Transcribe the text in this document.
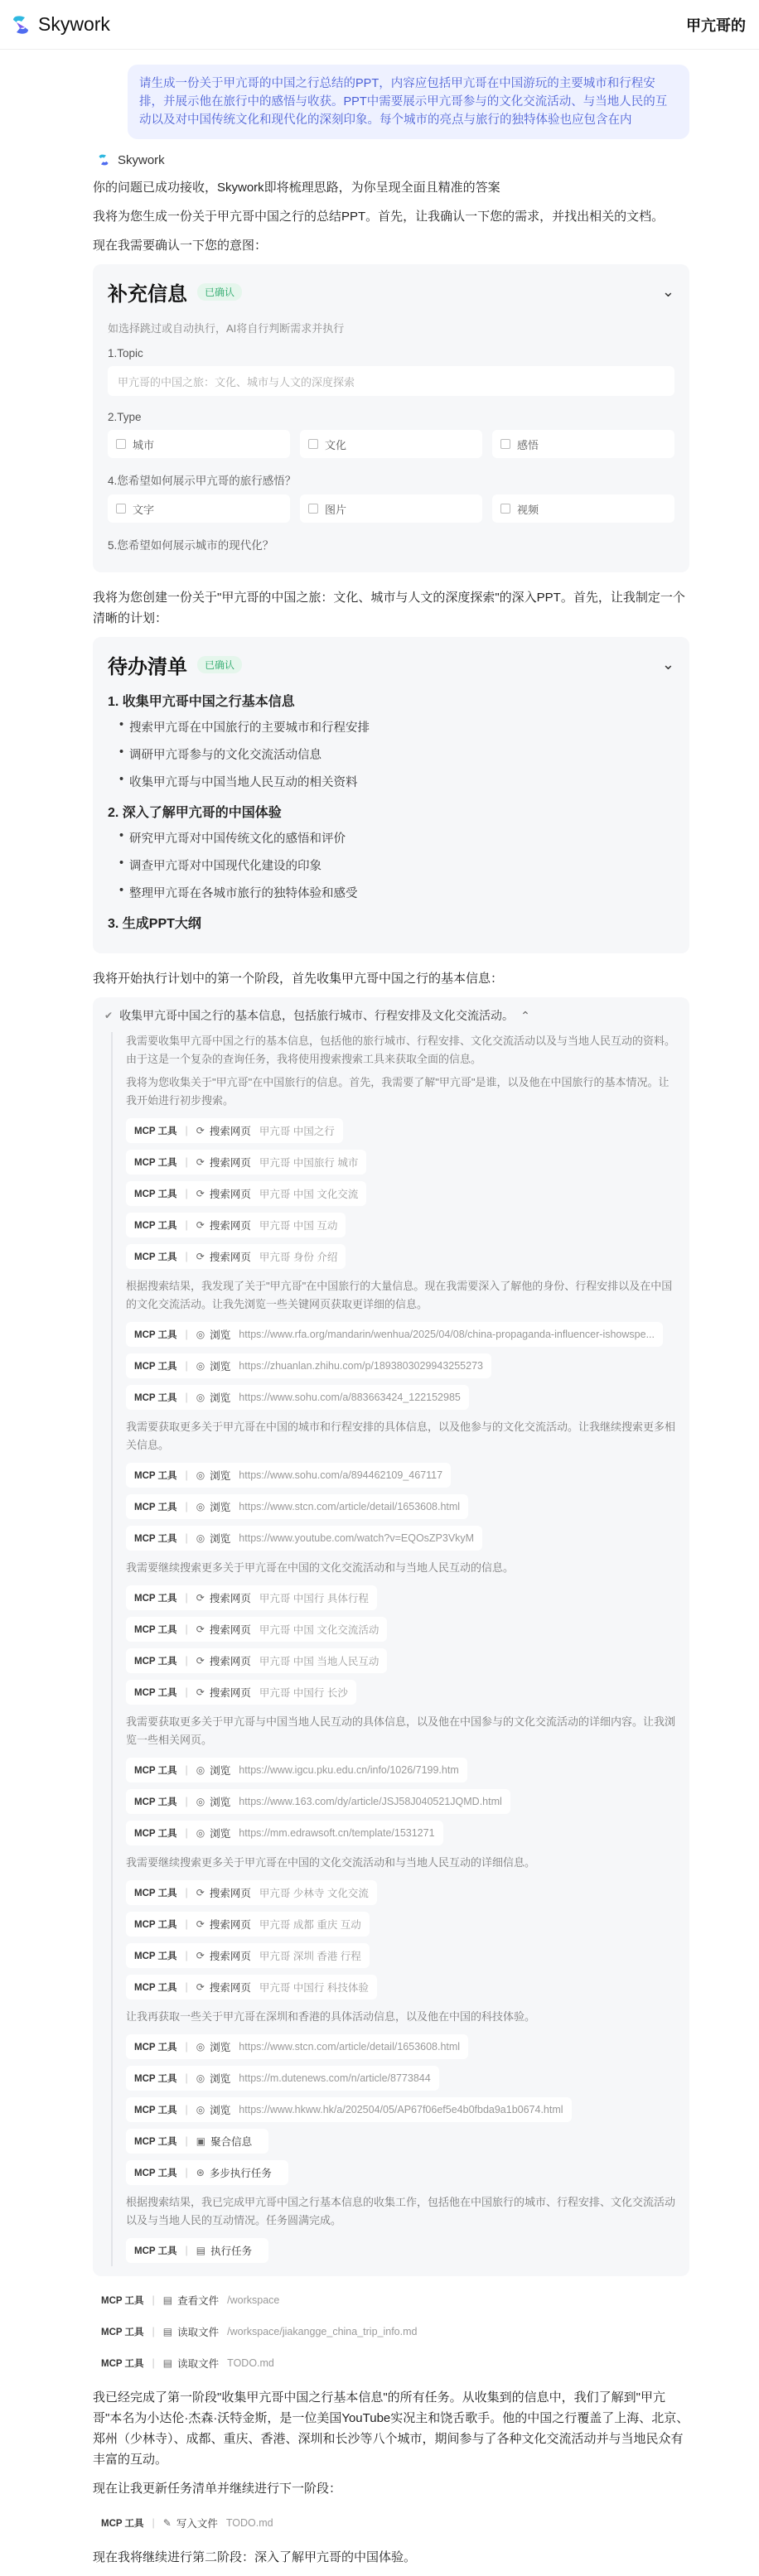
Skywork	甲亢哥的
请生成一份关于甲亢哥的中国之行总结的PPT，内容应包括甲亢哥在中国游玩的主要城市和行程安排，并展示他在旅行中的感悟与收获。PPT中需要展示甲亢哥参与的文化交流活动、与当地人民的互动以及对中国传统文化和现代化的深刻印象。每个城市的亮点与旅行的独特体验也应包含在内
Skywork
你的问题已成功接收，Skywork即将梳理思路，为你呈现全面且精准的答案
我将为您生成一份关于甲亢哥中国之行的总结PPT。首先，让我确认一下您的需求，并找出相关的文档。
现在我需要确认一下您的意图：
补充信息	已确认	⌄
如选择跳过或自动执行，AI将自行判断需求并执行
1.Topic
甲亢哥的中国之旅：文化、城市与人文的深度探索
2.Type
城市	文化	感悟
4.您希望如何展示甲亢哥的旅行感悟？
文字	图片	视频
5.您希望如何展示城市的现代化？
我将为您创建一份关于"甲亢哥的中国之旅：文化、城市与人文的深度探索"的深入PPT。首先，让我制定一个清晰的计划：
待办清单	已确认	⌄
1. 收集甲亢哥中国之行基本信息
• 搜索甲亢哥在中国旅行的主要城市和行程安排
• 调研甲亢哥参与的文化交流活动信息
• 收集甲亢哥与中国当地人民互动的相关资料
2. 深入了解甲亢哥的中国体验
• 研究甲亢哥对中国传统文化的感悟和评价
• 调查甲亢哥对中国现代化建设的印象
• 整理甲亢哥在各城市旅行的独特体验和感受
3. 生成PPT大纲
我将开始执行计划中的第一个阶段，首先收集甲亢哥中国之行的基本信息：
✔ 收集甲亢哥中国之行的基本信息，包括旅行城市、行程安排及文化交流活动。 ⌃
我需要收集甲亢哥中国之行的基本信息，包括他的旅行城市、行程安排、文化交流活动以及与当地人民互动的资料。由于这是一个复杂的查询任务，我将使用搜索搜索工具来获取全面的信息。
我将为您收集关于"甲亢哥"在中国旅行的信息。首先，我需要了解"甲亢哥"是谁，以及他在中国旅行的基本情况。让我开始进行初步搜索。
MCP 工具 | ⟳ 搜索网页 甲亢哥 中国之行
MCP 工具 | ⟳ 搜索网页 甲亢哥 中国旅行 城市
MCP 工具 | ⟳ 搜索网页 甲亢哥 中国 文化交流
MCP 工具 | ⟳ 搜索网页 甲亢哥 中国 互动
MCP 工具 | ⟳ 搜索网页 甲亢哥 身份 介绍
根据搜索结果，我发现了关于"甲亢哥"在中国旅行的大量信息。现在我需要深入了解他的身份、行程安排以及在中国的文化交流活动。让我先浏览一些关键网页获取更详细的信息。
MCP 工具 | ◎ 浏览 https://www.rfa.org/mandarin/wenhua/2025/04/08/china-propaganda-influencer-ishowspe...
MCP 工具 | ◎ 浏览 https://zhuanlan.zhihu.com/p/1893803029943255273
MCP 工具 | ◎ 浏览 https://www.sohu.com/a/883663424_122152985
我需要获取更多关于甲亢哥在中国的城市和行程安排的具体信息，以及他参与的文化交流活动。让我继续搜索更多相关信息。
MCP 工具 | ◎ 浏览 https://www.sohu.com/a/894462109_467117
MCP 工具 | ◎ 浏览 https://www.stcn.com/article/detail/1653608.html
MCP 工具 | ◎ 浏览 https://www.youtube.com/watch?v=EQOsZP3VkyM
我需要继续搜索更多关于甲亢哥在中国的文化交流活动和与当地人民互动的信息。
MCP 工具 | ⟳ 搜索网页 甲亢哥 中国行 具体行程
MCP 工具 | ⟳ 搜索网页 甲亢哥 中国 文化交流活动
MCP 工具 | ⟳ 搜索网页 甲亢哥 中国 当地人民互动
MCP 工具 | ⟳ 搜索网页 甲亢哥 中国行 长沙
我需要获取更多关于甲亢哥与中国当地人民互动的具体信息，以及他在中国参与的文化交流活动的详细内容。让我浏览一些相关网页。
MCP 工具 | ◎ 浏览 https://www.igcu.pku.edu.cn/info/1026/7199.htm
MCP 工具 | ◎ 浏览 https://www.163.com/dy/article/JSJ58J040521JQMD.html
MCP 工具 | ◎ 浏览 https://mm.edrawsoft.cn/template/1531271
我需要继续搜索更多关于甲亢哥在中国的文化交流活动和与当地人民互动的详细信息。
MCP 工具 | ⟳ 搜索网页 甲亢哥 少林寺 文化交流
MCP 工具 | ⟳ 搜索网页 甲亢哥 成都 重庆 互动
MCP 工具 | ⟳ 搜索网页 甲亢哥 深圳 香港 行程
MCP 工具 | ⟳ 搜索网页 甲亢哥 中国行 科技体验
让我再获取一些关于甲亢哥在深圳和香港的具体活动信息，以及他在中国的科技体验。
MCP 工具 | ◎ 浏览 https://www.stcn.com/article/detail/1653608.html
MCP 工具 | ◎ 浏览 https://m.dutenews.com/n/article/8773844
MCP 工具 | ◎ 浏览 https://www.hkww.hk/a/202504/05/AP67f06ef5e4b0fbda9a1b0674.html
MCP 工具 | ▣ 聚合信息
MCP 工具 | ⊛ 多步执行任务
根据搜索结果，我已完成甲亢哥中国之行基本信息的收集工作，包括他在中国旅行的城市、行程安排、文化交流活动以及与当地人民的互动情况。任务圆满完成。
MCP 工具 | ▤ 执行任务
MCP 工具 | ▤ 查看文件 /workspace
MCP 工具 | ▤ 读取文件 /workspace/jiakangge_china_trip_info.md
MCP 工具 | ▤ 读取文件 TODO.md
我已经完成了第一阶段"收集甲亢哥中国之行基本信息"的所有任务。从收集到的信息中，我们了解到"甲亢哥"本名为小达伦·杰森·沃特金斯，是一位美国YouTube实况主和饶舌歌手。他的中国之行覆盖了上海、北京、郑州（少林寺）、成都、重庆、香港、深圳和长沙等八个城市，期间参与了各种文化交流活动并与当地民众有丰富的互动。
现在让我更新任务清单并继续进行下一阶段：
MCP 工具 | ✎ 写入文件 TODO.md
现在我将继续进行第二阶段：深入了解甲亢哥的中国体验。
